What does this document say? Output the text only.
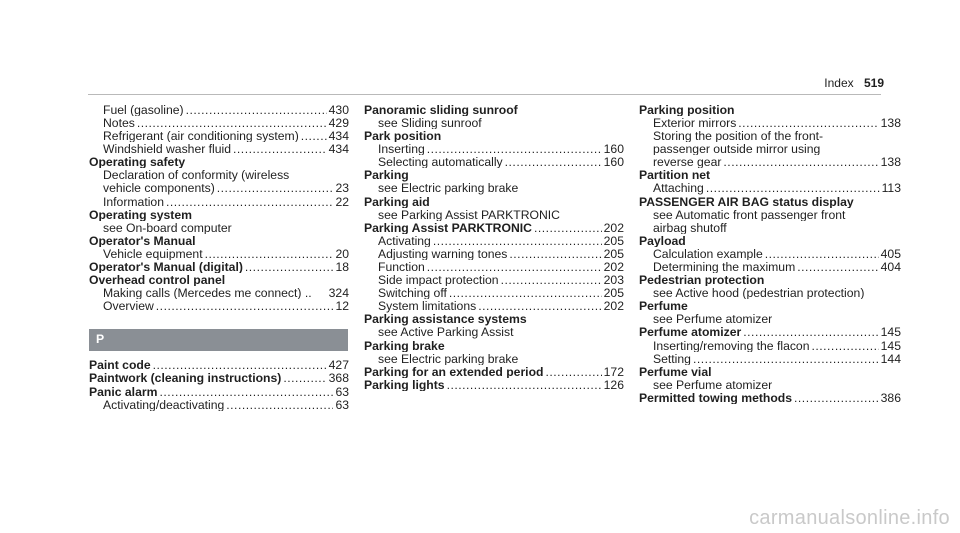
Index 519
Fuel (gasoline) .....	430
Notes .....	429
Refrigerant (air conditioning system) ..... 434
Windshield washer fluid .....	434
Operating safety
Declaration of conformity (wireless
vehicle components) .....	23
Information .....	22
Operating system
see On-board computer
Operator's Manual
Vehicle equipment .....	20
Operator's Manual (digital) .....	18
Overhead control panel
Making calls (Mercedes me connect) .. 324
Overview .....	12
P
Paint code .....	427
Paintwork (cleaning instructions) .....	368
Panic alarm .....	63
Activating/deactivating .....	63
Panoramic sliding sunroof
see Sliding sunroof
Park position
Inserting .....	160
Selecting automatically .....	160
Parking
see Electric parking brake
Parking aid
see Parking Assist PARKTRONIC
Parking Assist PARKTRONIC .....	202
Activating .....	205
Adjusting warning tones .....	205
Function .....	202
Side impact protection .....	203
Switching off .....	205
System limitations .....	202
Parking assistance systems
see Active Parking Assist
Parking brake
see Electric parking brake
Parking for an extended period .....	172
Parking lights .....	126
Parking position
Exterior mirrors .....	138
Storing the position of the front-
passenger outside mirror using
reverse gear .....	138
Partition net
Attaching .....	113
PASSENGER AIR BAG status display
see Automatic front passenger front
airbag shutoff
Payload
Calculation example .....	405
Determining the maximum .....	404
Pedestrian protection
see Active hood (pedestrian protection)
Perfume
see Perfume atomizer
Perfume atomizer .....	145
Inserting/removing the flacon .....	145
Setting .....	144
Perfume vial
see Perfume atomizer
Permitted towing methods .....	386
carmanualsonline.info
